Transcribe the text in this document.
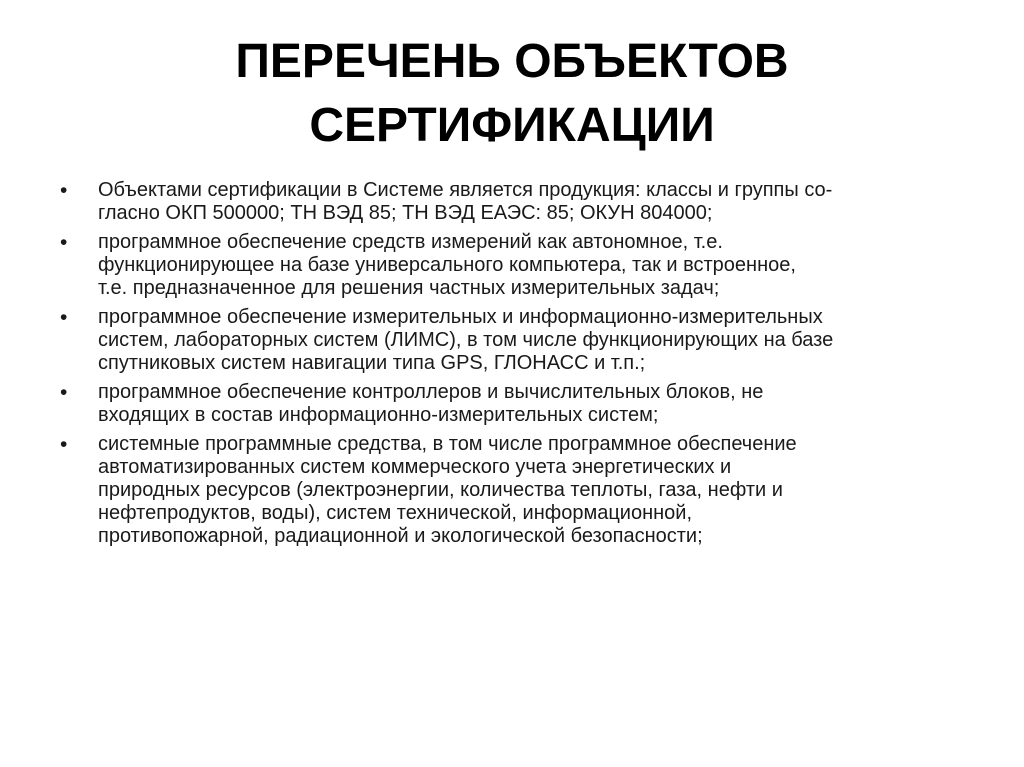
ПЕРЕЧЕНЬ ОБЪЕКТОВ
СЕРТИФИКАЦИИ
•	Объектами сертификации в Системе является продукция: классы и группы со-
гласно ОКП 500000; ТН ВЭД 85; ТН ВЭД ЕАЭС: 85; ОКУН 804000;
•	программное обеспечение средств измерений как автономное, т.е.
функционирующее на базе универсального компьютера, так и встроенное,
т.е. предназначенное для решения частных измерительных задач;
•	программное обеспечение измерительных и информационно-измерительных
систем, лабораторных систем (ЛИМС), в том числе функционирующих на базе
спутниковых систем навигации типа GPS, ГЛОНАСС и т.п.;
•	программное обеспечение контроллеров и вычислительных блоков, не
входящих в состав информационно-измерительных систем;
•	системные программные средства, в том числе программное обеспечение
автоматизированных систем коммерческого учета энергетических и
природных ресурсов (электроэнергии, количества теплоты, газа, нефти и
нефтепродуктов, воды), систем технической, информационной,
противопожарной, радиационной и экологической безопасности;
